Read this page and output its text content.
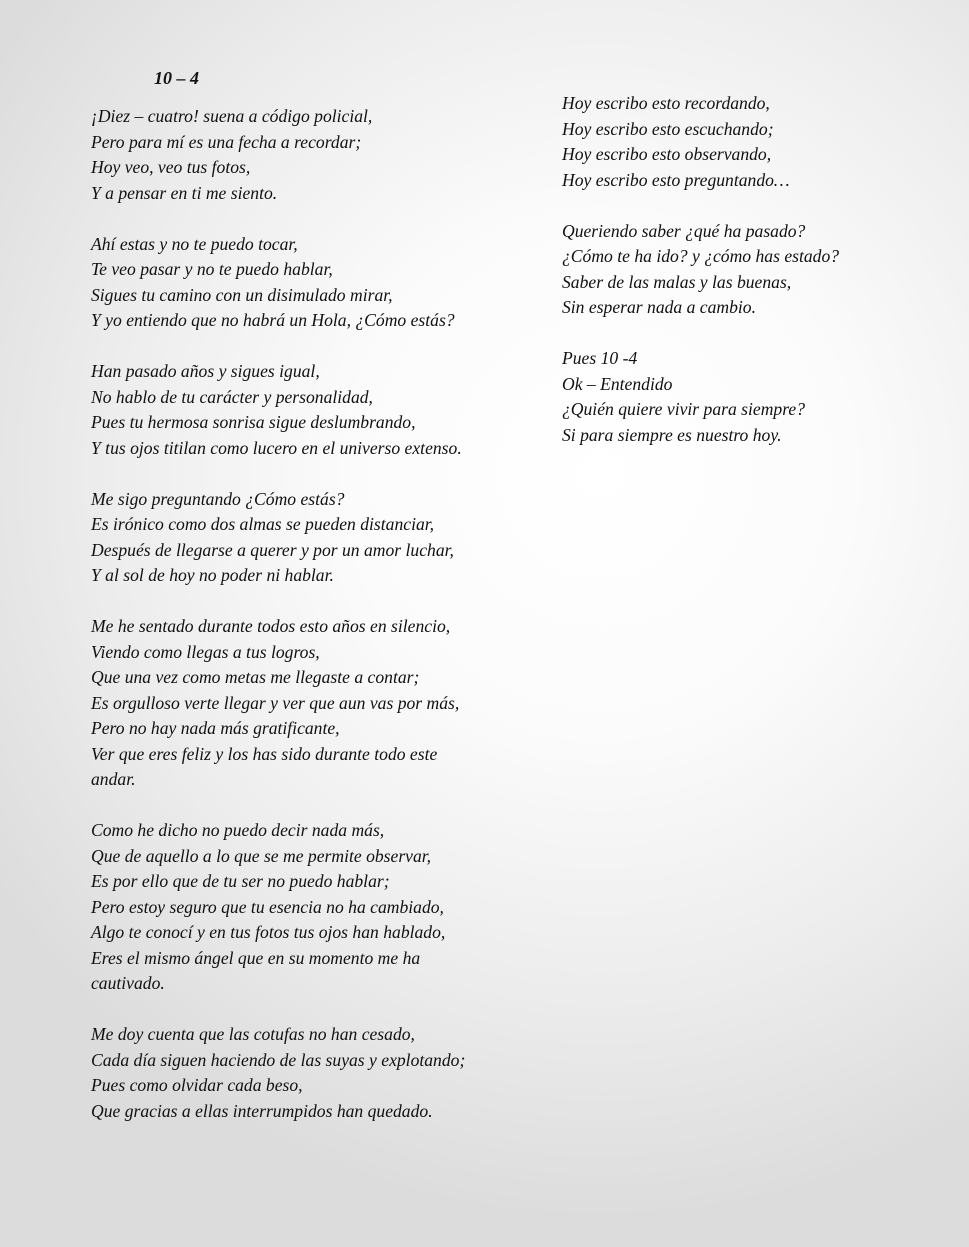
10 – 4
¡Diez – cuatro! suena a código policial,
Pero para mí es una fecha a recordar;
Hoy veo, veo tus fotos,
Y a pensar en ti me siento.
Ahí estas y no te puedo tocar,
Te veo pasar y no te puedo hablar,
Sigues tu camino con un disimulado mirar,
Y yo entiendo que no habrá un Hola, ¿Cómo estás?
Han pasado años y sigues igual,
No hablo de tu carácter y personalidad,
Pues tu hermosa sonrisa sigue deslumbrando,
Y tus ojos titilan como lucero en el universo extenso.
Me sigo preguntando ¿Cómo estás?
Es irónico como dos almas se pueden distanciar,
Después de llegarse a querer y por un amor luchar,
Y al sol de hoy no poder ni hablar.
Me he sentado durante todos esto años en silencio,
Viendo como llegas a tus logros,
Que una vez como metas me llegaste a contar;
Es orgulloso verte llegar y ver que aun vas por más,
Pero no hay nada más gratificante,
Ver que eres feliz y los has sido durante todo este
andar.
Como he dicho no puedo decir nada más,
Que de aquello a lo que se me permite observar,
Es por ello que de tu ser no puedo hablar;
Pero estoy seguro que tu esencia no ha cambiado,
Algo te conocí y en tus fotos tus ojos han hablado,
Eres el mismo ángel que en su momento me ha
cautivado.
Me doy cuenta que las cotufas no han cesado,
Cada día siguen haciendo de las suyas y explotando;
Pues como olvidar cada beso,
Que gracias a ellas interrumpidos han quedado.
Hoy escribo esto recordando,
Hoy escribo esto escuchando;
Hoy escribo esto observando,
Hoy escribo esto preguntando…
Queriendo saber ¿qué ha pasado?
¿Cómo te ha ido? y ¿cómo has estado?
Saber de las malas y las buenas,
Sin esperar nada a cambio.
Pues 10 -4
Ok – Entendido
¿Quién quiere vivir para siempre?
Si para siempre es nuestro hoy.
